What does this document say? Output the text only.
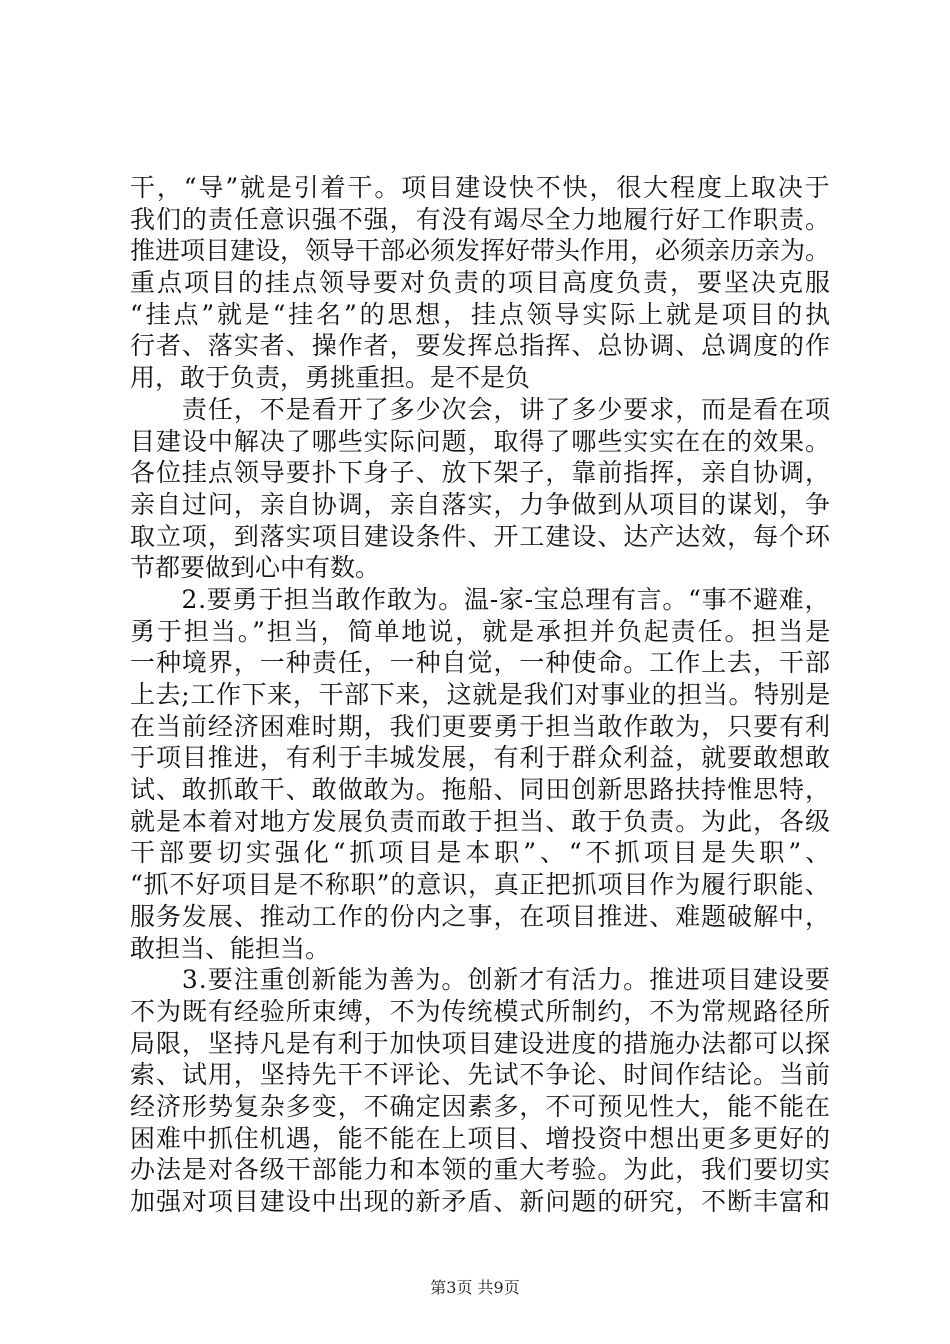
干，“导”就是引着干。项目建设快不快，很大程度上取决于
我们的责任意识强不强，有没有竭尽全力地履行好工作职责。
推进项目建设，领导干部必须发挥好带头作用，必须亲历亲为。
重点项目的挂点领导要对负责的项目高度负责，要坚决克服
“挂点”就是“挂名”的思想，挂点领导实际上就是项目的执
行者、落实者、操作者，要发挥总指挥、总协调、总调度的作
用，敢于负责，勇挑重担。是不是负
　　责任，不是看开了多少次会，讲了多少要求，而是看在项
目建设中解决了哪些实际问题，取得了哪些实实在在的效果。
各位挂点领导要扑下身子、放下架子，靠前指挥，亲自协调，
亲自过问，亲自协调，亲自落实，力争做到从项目的谋划，争
取立项，到落实项目建设条件、开工建设、达产达效，每个环
节都要做到心中有数。
　　2.要勇于担当敢作敢为。温-家-宝总理有言。“事不避难，
勇于担当。”担当，简单地说，就是承担并负起责任。担当是
一种境界，一种责任，一种自觉，一种使命。工作上去，干部
上去;工作下来，干部下来，这就是我们对事业的担当。特别是
在当前经济困难时期，我们更要勇于担当敢作敢为，只要有利
于项目推进，有利于丰城发展，有利于群众利益，就要敢想敢
试、敢抓敢干、敢做敢为。拖船、同田创新思路扶持惟思特，
就是本着对地方发展负责而敢于担当、敢于负责。为此，各级
干部要切实强化“抓项目是本职”、“不抓项目是失职”、
“抓不好项目是不称职”的意识，真正把抓项目作为履行职能、
服务发展、推动工作的份内之事，在项目推进、难题破解中，
敢担当、能担当。
　　3.要注重创新能为善为。创新才有活力。推进项目建设要
不为既有经验所束缚，不为传统模式所制约，不为常规路径所
局限，坚持凡是有利于加快项目建设进度的措施办法都可以探
索、试用，坚持先干不评论、先试不争论、时间作结论。当前
经济形势复杂多变，不确定因素多，不可预见性大，能不能在
困难中抓住机遇，能不能在上项目、增投资中想出更多更好的
办法是对各级干部能力和本领的重大考验。为此，我们要切实
加强对项目建设中出现的新矛盾、新问题的研究，不断丰富和
第3页 共9页
